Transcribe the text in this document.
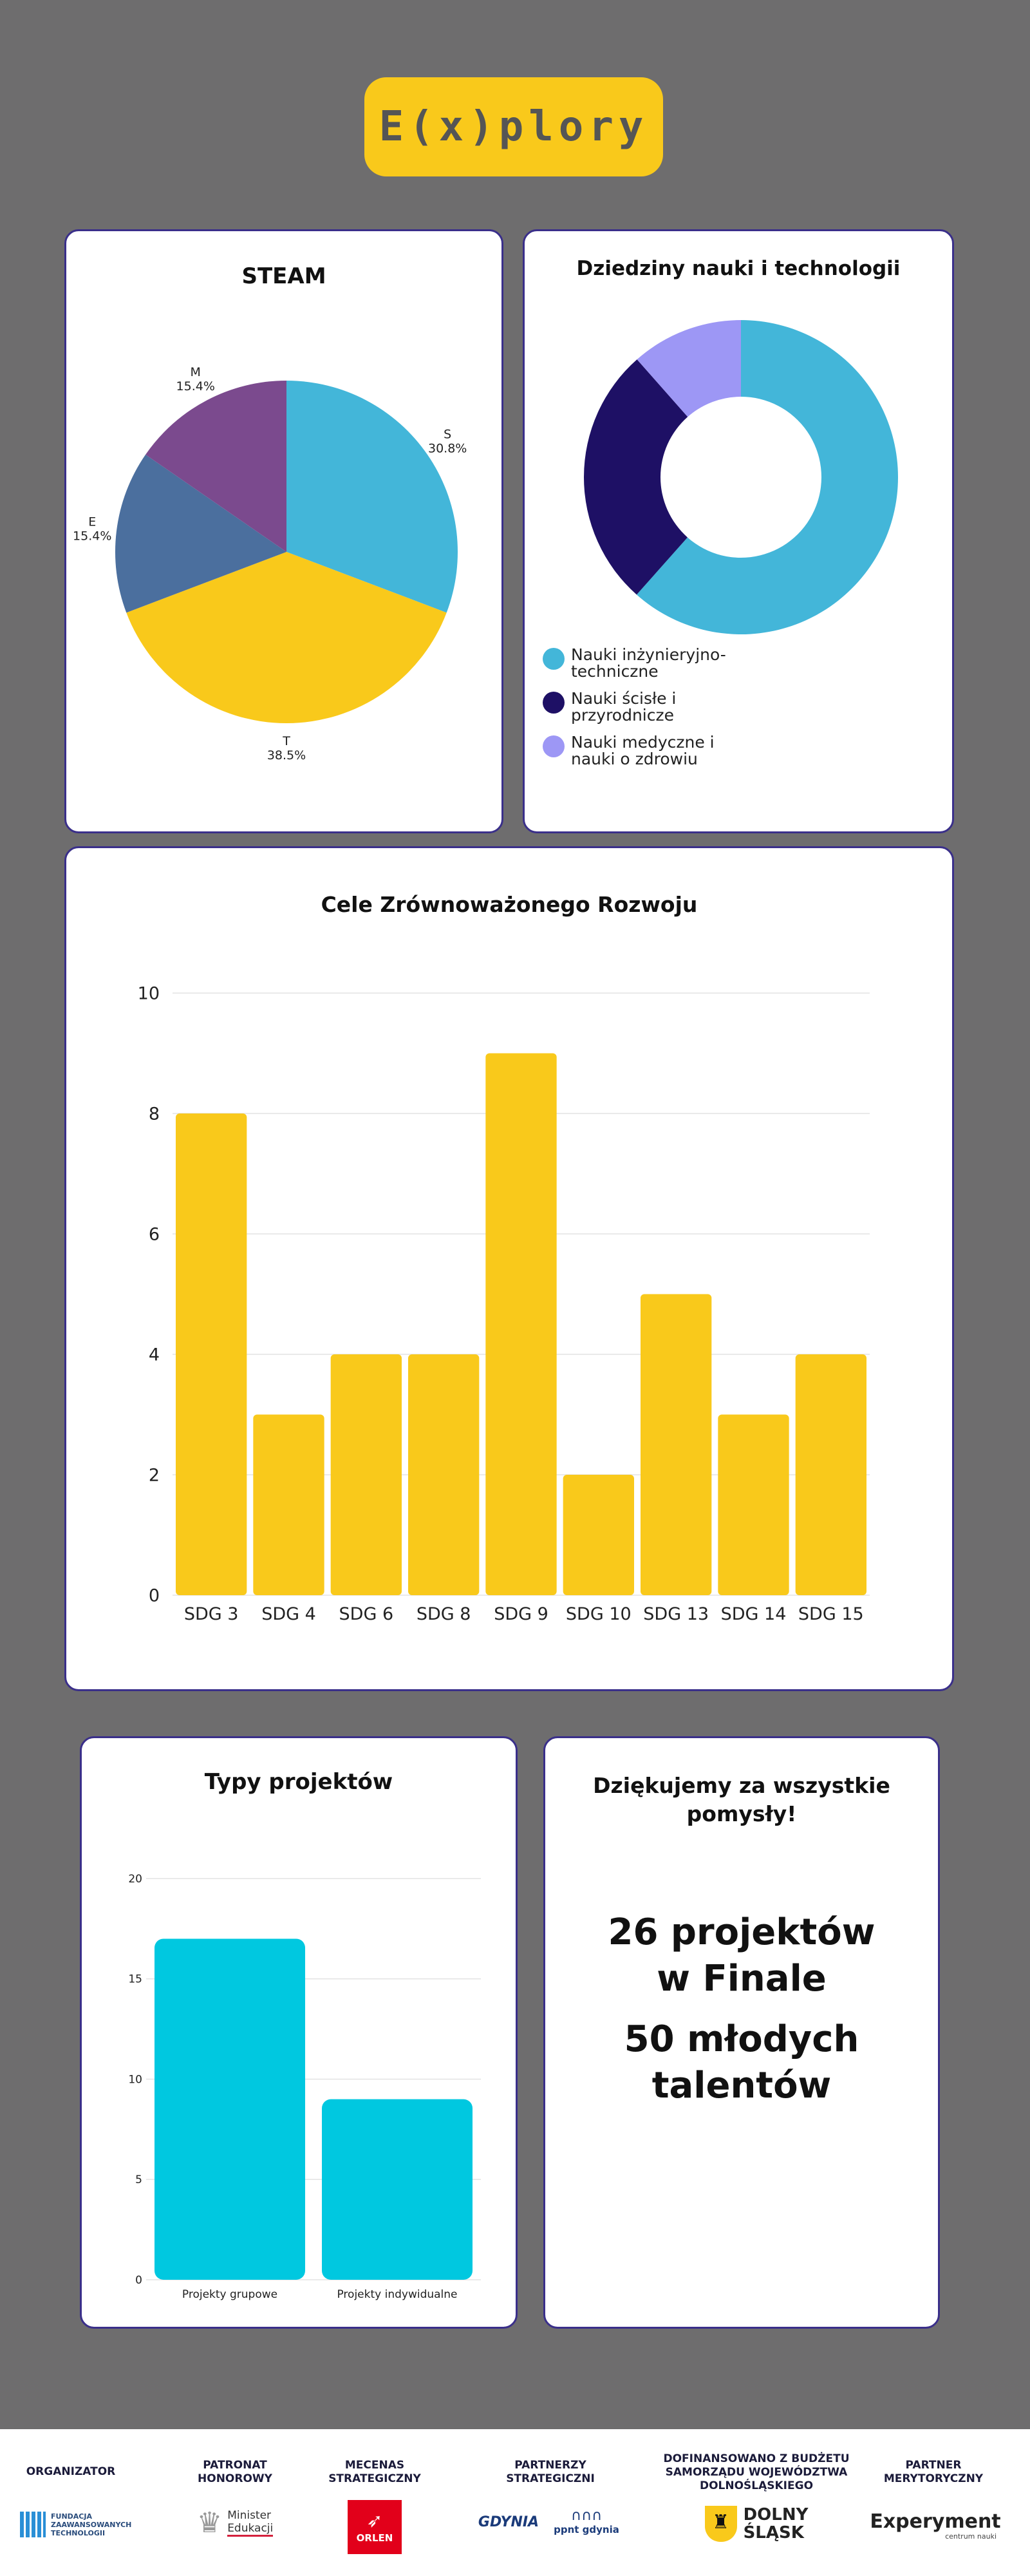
E(x)plory
STEAM
S
30.8%
T
38.5%
E
15.4%
M
15.4%
Dziedziny nauki i technologii
Nauki inżynieryjno-techniczne
Nauki ścisłe i przyrodnicze
Nauki medyczne i nauki o zdrowiu
Cele Zrównoważonego Rozwoju
0
2
4
6
8
10
SDG 3 SDG 4 SDG 6 SDG 8 SDG 9 SDG 10 SDG 13 SDG 14 SDG 15
Typy projektów
0
5
10
15
20
Projekty grupowe	Projekty indywidualne
Dziękujemy za wszystkie pomysły!
26 projektów
w Finale
50 młodych
talentów
ORGANIZATOR
FUNDACJA ZAAWANSOWANYCH TECHNOLOGII
PATRONAT HONOROWY
♛ Minister
Edukacji
MECENAS STRATEGICZNY
➶
ORLEN
PARTNERZY STRATEGICZNI
GDYNIA ∩∩∩
ppnt gdynia
DOFINANSOWANO Z BUDŻETU SAMORZĄDU WOJEWÓDZTWA DOLNOŚLĄSKIEGO
♜ DOLNY
ŚLĄSK
PARTNER MERYTORYCZNY
Experyment
centrum nauki
